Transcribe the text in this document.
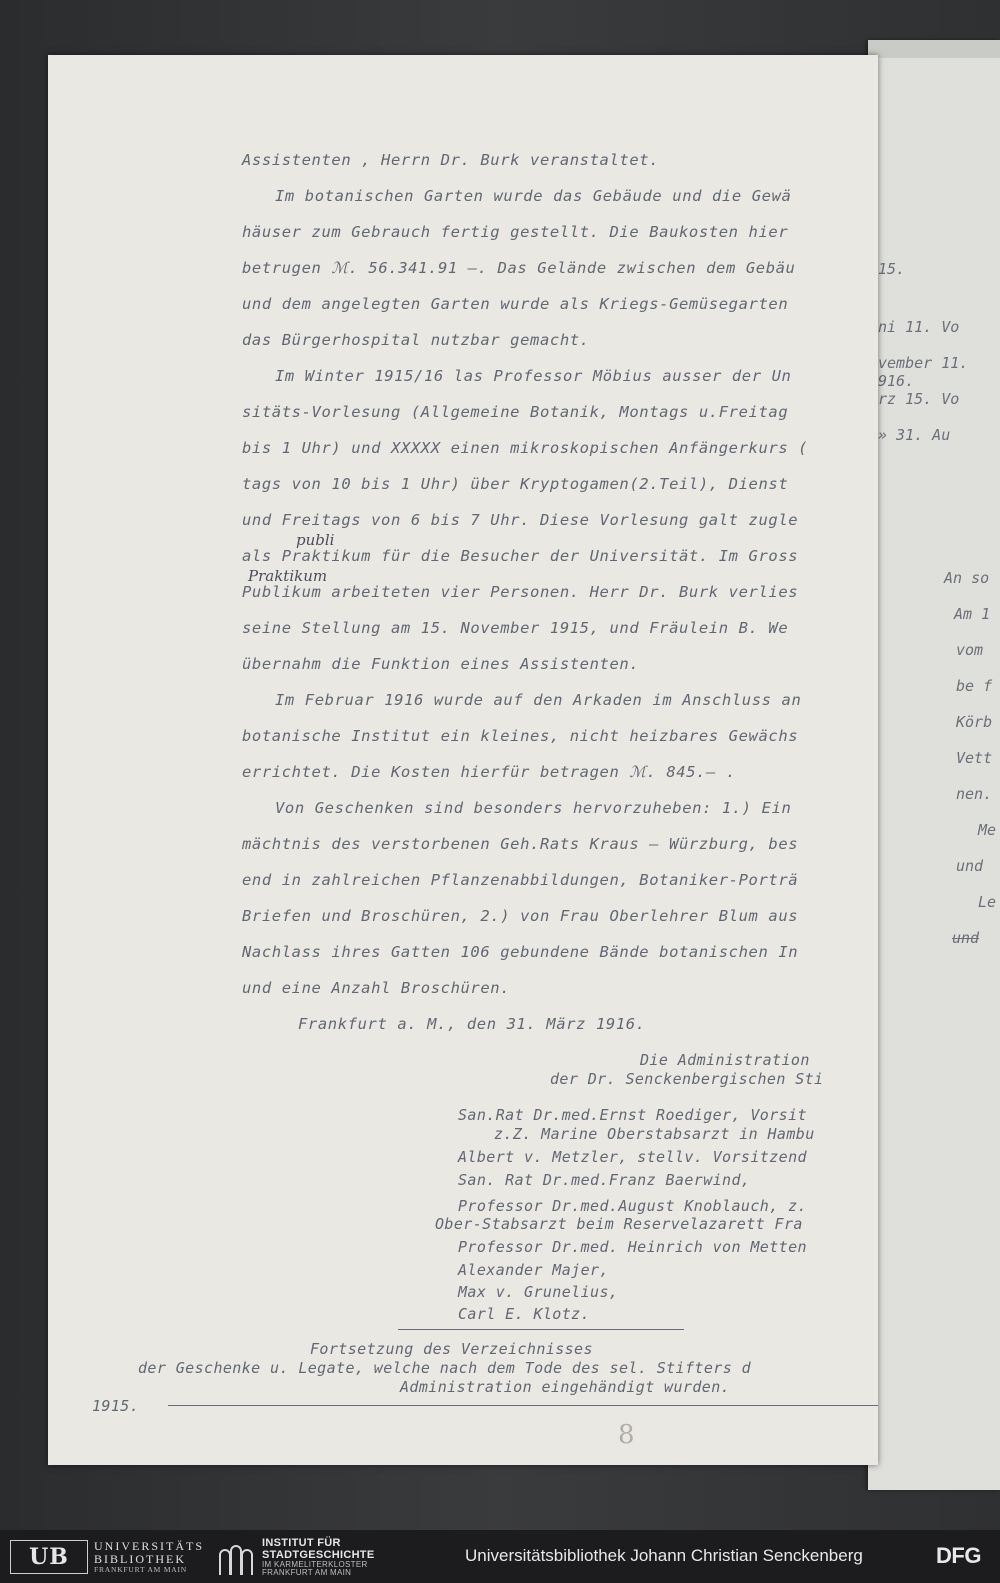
15.
ni 11. Vo
vember 11.
916.
rz 15. Vo
» 31. Au
An so
Am 1
vom
be f
Körb
Vett
nen.
Me
und
Le
und
Assistenten , Herrn Dr. Burk veranstaltet.
Im botanischen Garten wurde das Gebäude und die Gewä
häuser zum Gebrauch fertig gestellt. Die Baukosten hier
betrugen ℳ. 56.341.91 –. Das Gelände zwischen dem Gebäu
und dem angelegten Garten wurde als Kriegs-Gemüsegarten
das Bürgerhospital nutzbar gemacht.
Im Winter 1915/16 las Professor Möbius ausser der Un
sitäts-Vorlesung (Allgemeine Botanik, Montags u.Freitag
bis 1 Uhr) und XXXXX einen mikroskopischen Anfängerkurs (
tags von 10 bis 1 Uhr) über Kryptogamen(2.Teil), Dienst
und Freitags von 6 bis 7 Uhr. Diese Vorlesung galt zugle
publi
als Praktikum für die Besucher der Universität. Im Gross
Praktikum
Publikum arbeiteten vier Personen. Herr Dr. Burk verlies
seine Stellung am 15. November 1915, und Fräulein B. We
übernahm die Funktion eines Assistenten.
Im Februar 1916 wurde auf den Arkaden im Anschluss an
botanische Institut ein kleines, nicht heizbares Gewächs
errichtet. Die Kosten hierfür betragen ℳ. 845.– .
Von Geschenken sind besonders hervorzuheben: 1.) Ein
mächtnis des verstorbenen Geh.Rats Kraus – Würzburg, bes
end in zahlreichen Pflanzenabbildungen, Botaniker-Porträ
Briefen und Broschüren, 2.) von Frau Oberlehrer Blum aus
Nachlass ihres Gatten 106 gebundene Bände botanischen In
und eine Anzahl Broschüren.
Frankfurt a. M., den 31. März 1916.
Die Administration
der Dr. Senckenbergischen Sti
San.Rat Dr.med.Ernst Roediger, Vorsit
z.Z. Marine Oberstabsarzt in Hambu
Albert v. Metzler, stellv. Vorsitzend
San. Rat Dr.med.Franz Baerwind,
Professor Dr.med.August Knoblauch, z.
Ober-Stabsarzt beim Reservelazarett Fra
Professor Dr.med. Heinrich von Metten
Alexander Majer,
Max v. Grunelius,
Carl E. Klotz.
Fortsetzung des Verzeichnisses
der Geschenke u. Legate, welche nach dem Tode des sel. Stifters d
Administration eingehändigt wurden.
1915.
8
UB	UNIVERSITÄTS
BIBLIOTHEK
FRANKFURT AM MAIN
INSTITUT FÜR
STADTGESCHICHTE
IM KARMELITERKLOSTER
FRANKFURT AM MAIN
Universitätsbibliothek Johann Christian Senckenberg	DFG
